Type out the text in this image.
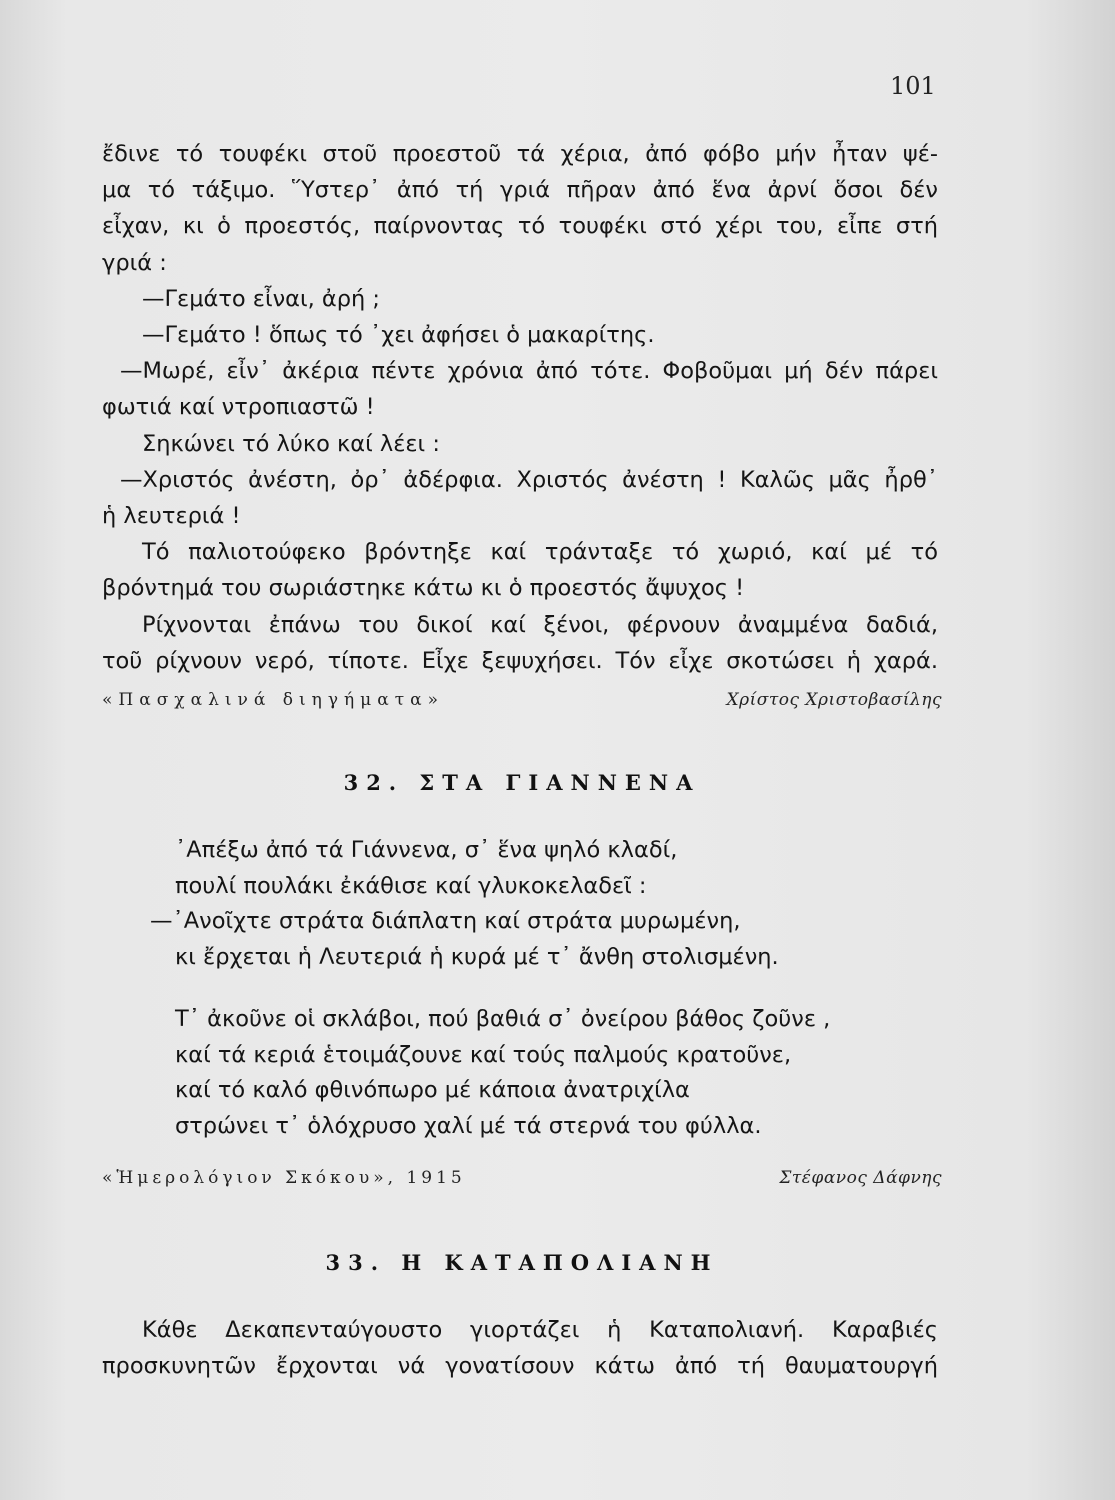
101

ἔδινε τό τουφέκι στοῦ προεστοῦ τά χέρια, ἀπό φόβο μήν ἦταν ψέ-
μα τό τάξιμο. Ὕστερ᾽ ἀπό τή γριά πῆραν ἀπό ἕνα ἀρνί ὅσοι δέν
εἶχαν, κι ὁ προεστός, παίρνοντας τό τουφέκι στό χέρι του, εἶπε στή
γριά :

—Γεμάτο εἶναι, ἀρή ;

—Γεμάτο ! ὅπως τό ᾽χει ἀφήσει ὁ μακαρίτης.

—Μωρέ, εἶν᾽ ἀκέρια πέντε χρόνια ἀπό τότε. Φοβοῦμαι μή δέν πάρει

φωτιά καί ντροπιαστῶ !

Σηκώνει τό λύκο καί λέει :

—Χριστός ἀνέστη, ὀρ᾽ ἀδέρφια. Χριστός ἀνέστη ! Καλῶς μᾶς ἦρθ᾽

ἡ λευτεριά !

Τό παλιοτούφεκο βρόντηξε καί τράνταξε τό χωριό, καί μέ τό

βρόντημά του σωριάστηκε κάτω κι ὁ προεστός ἄψυχος !

Ρίχνονται ἐπάνω του δικοί καί ξένοι, φέρνουν ἀναμμένα δαδιά,

τοῦ ρίχνουν νερό, τίποτε. Εἶχε ξεψυχήσει. Τόν εἶχε σκοτώσει ἡ χαρά.

«Πασχαλινά διηγήματα»	Χρίστος Χριστοβασίλης
32. ΣΤΑ ΓΙΑΝΝΕΝΑ
᾽Απέξω ἀπό τά Γιάννενα, σ᾽ ἕνα ψηλό κλαδί,
πουλί πουλάκι ἐκάθισε καί γλυκοκελαδεῖ :
—᾽Ανοῖχτε στράτα διάπλατη καί στράτα μυρωμένη,
κι ἔρχεται ἡ Λευτεριά ἡ κυρά μέ τ᾽ ἄνθη στολισμένη.
Τ᾽ ἀκοῦνε οἱ σκλάβοι, πού βαθιά σ᾽ ὀνείρου βάθος ζοῦνε ,
καί τά κεριά ἑτοιμάζουνε καί τούς παλμούς κρατοῦνε,
καί τό καλό φθινόπωρο μέ κάποια ἀνατριχίλα
στρώνει τ᾽ ὁλόχρυσο χαλί μέ τά στερνά του φύλλα.
«Ἡμερολόγιον Σκόκου», 1915	Στέφανος Δάφνης
33. Η ΚΑΤΑΠΟΛΙΑΝΗ

Κάθε Δεκαπενταύγουστο γιορτάζει ἡ Καταπολιανή. Καραβιές

προσκυνητῶν ἔρχονται νά γονατίσουν κάτω ἀπό τή θαυματουργή
